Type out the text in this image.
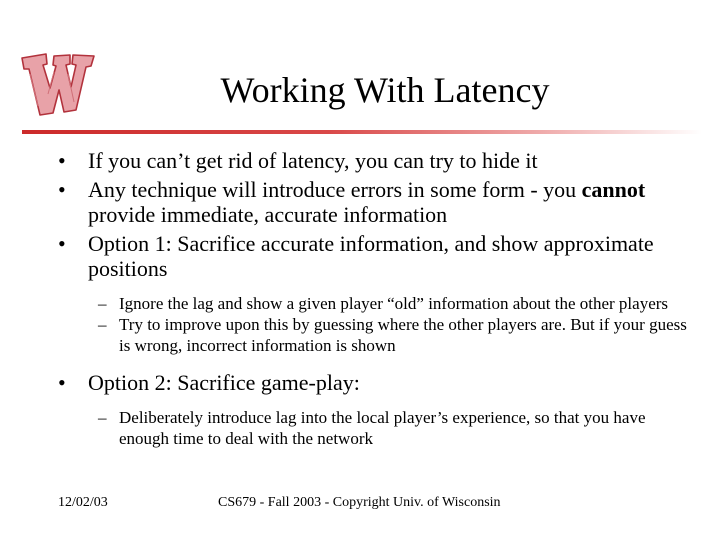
Working With Latency
• If you can’t get rid of latency, you can try to hide it
• Any technique will introduce errors in some form - you cannot provide immediate, accurate information
• Option 1: Sacrifice accurate information, and show approximate positions
– Ignore the lag and show a given player “old” information about the other players
– Try to improve upon this by guessing where the other players are. But if your guess is wrong, incorrect information is shown
• Option 2: Sacrifice game-play:
– Deliberately introduce lag into the local player’s experience, so that you have enough time to deal with the network
12/02/03	CS679 - Fall 2003 - Copyright Univ. of Wisconsin
